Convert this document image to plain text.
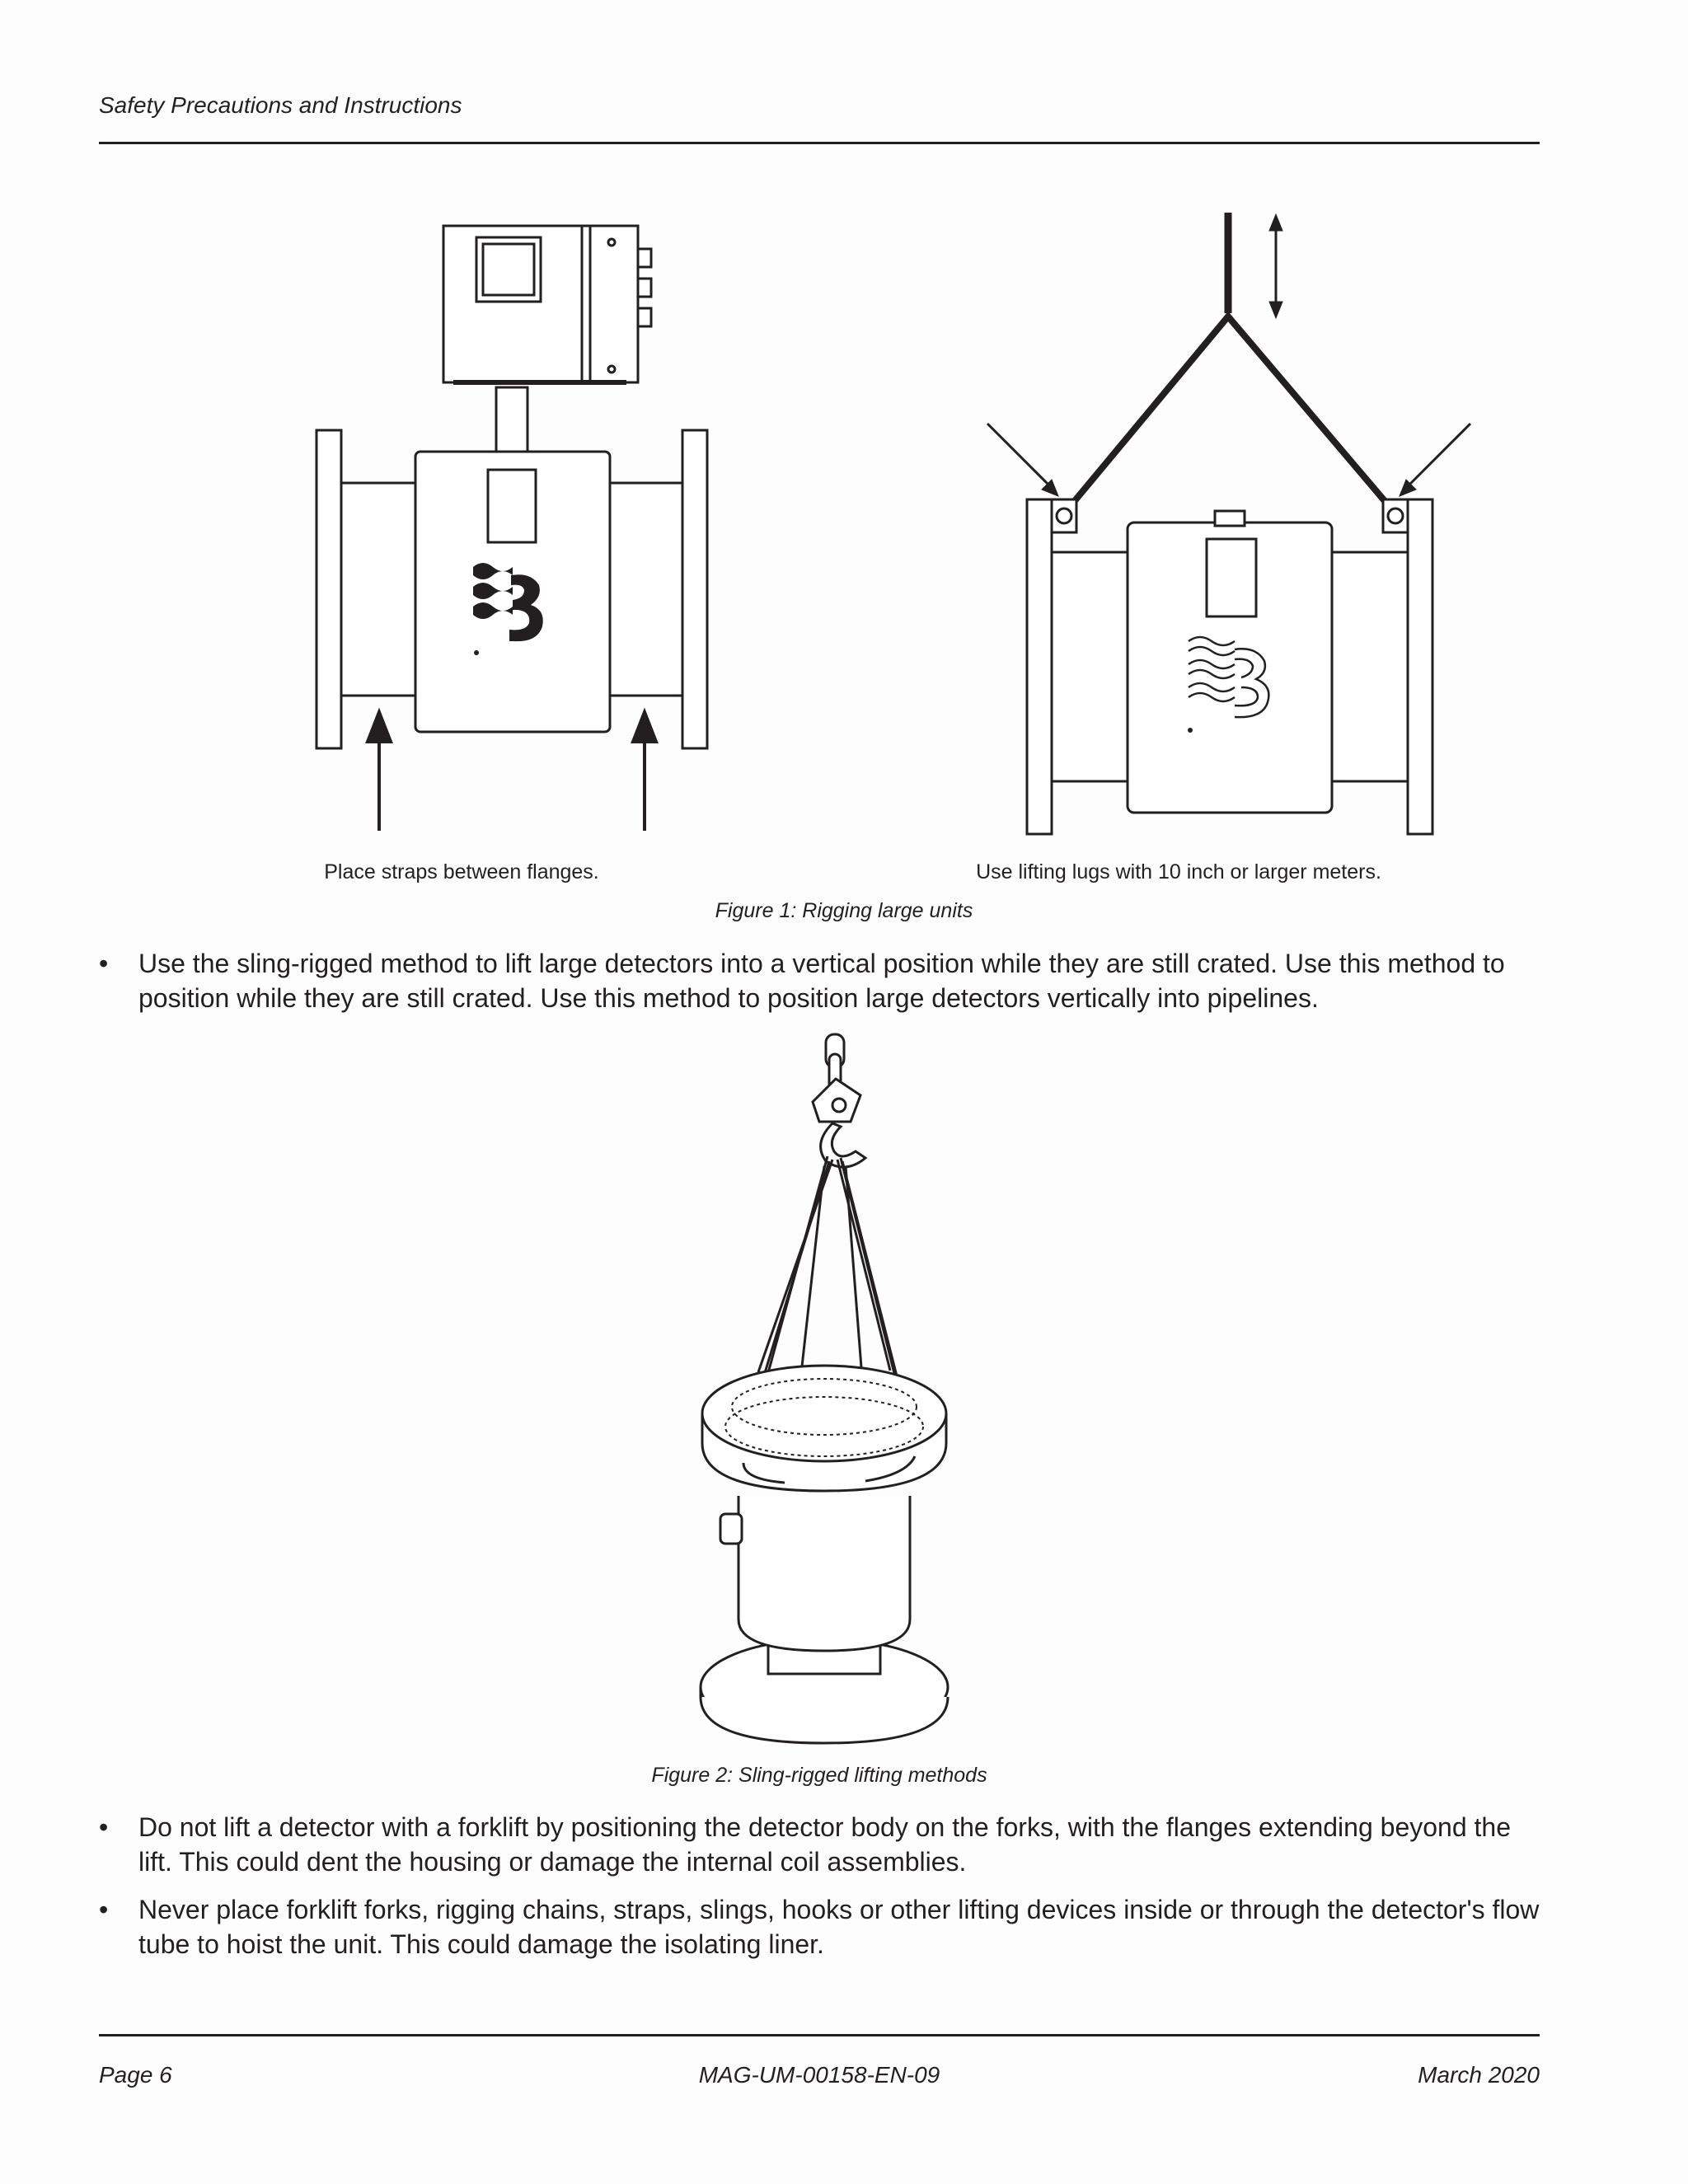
Safety Precautions and Instructions
Place straps between flanges.	Use lifting lugs with 10 inch or larger meters.
Figure 1: Rigging large units
•	Use the sling-rigged method to lift large detectors into a vertical position while they are still crated. Use this method to position while they are still crated. Use this method to position large detectors vertically into pipelines.
Figure 2: Sling-rigged lifting methods
•	Do not lift a detector with a forklift by positioning the detector body on the forks, with the flanges extending beyond the lift. This could dent the housing or damage the internal coil assemblies.
•	Never place forklift forks, rigging chains, straps, slings, hooks or other lifting devices inside or through the detector's flow tube to hoist the unit. This could damage the isolating liner.
Page 6	MAG-UM-00158-EN-09	March 2020
